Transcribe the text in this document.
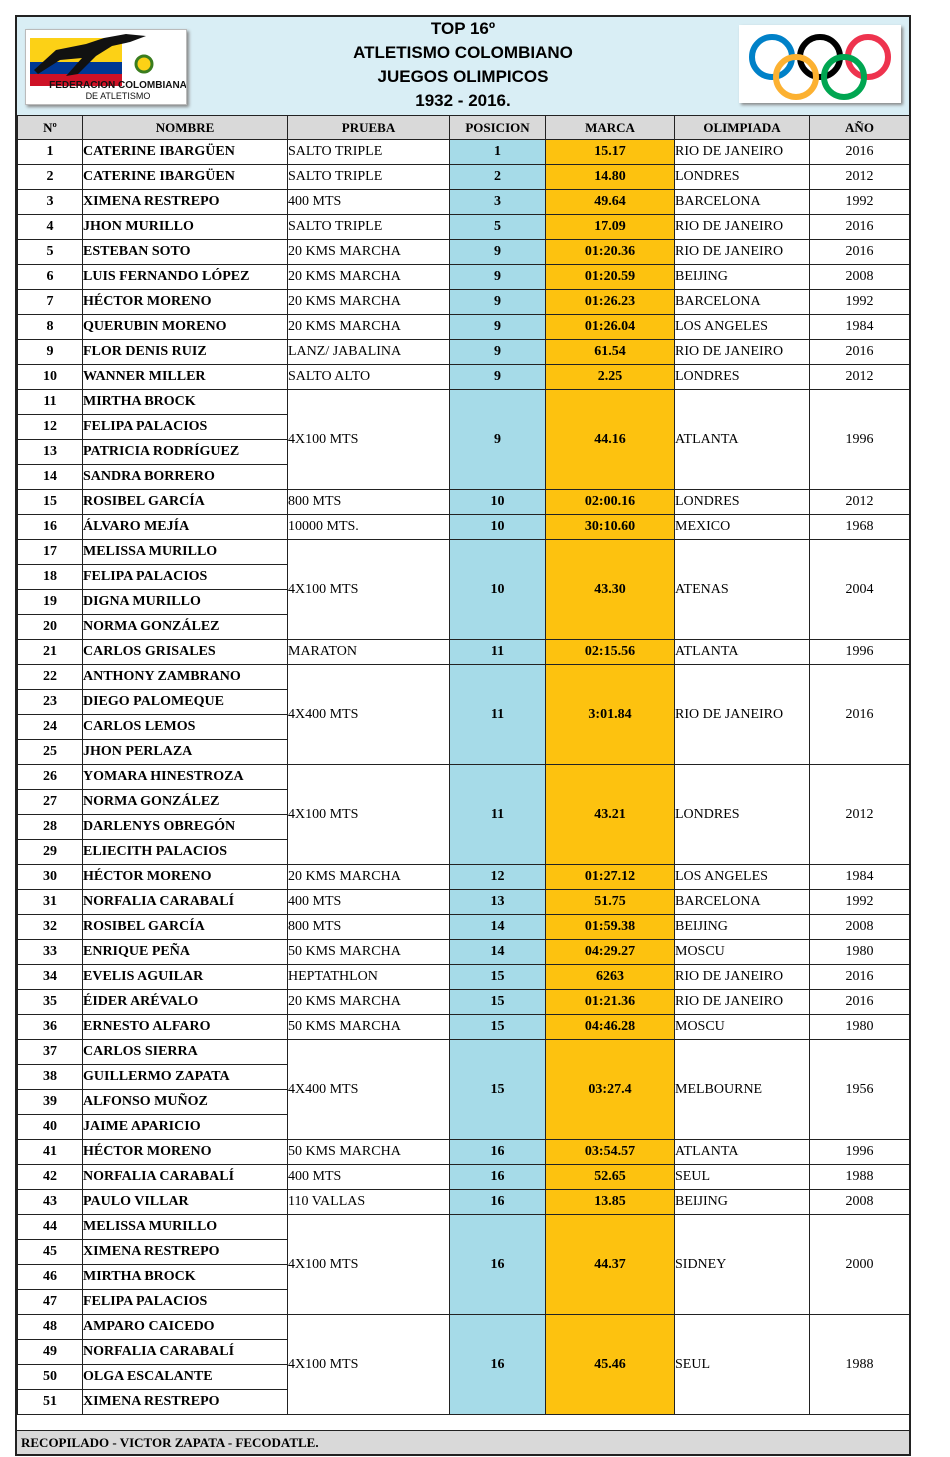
FEDERACION COLOMBIANA
DE ATLETISMO
TOP 16º
ATLETISMO COLOMBIANO
JUEGOS OLIMPICOS
1932 - 2016.
Nº	NOMBRE	PRUEBA	POSICION	MARCA	OLIMPIADA	AÑO
1	CATERINE IBARGÜEN	SALTO TRIPLE	1	15.17	RIO DE JANEIRO	2016
2	CATERINE IBARGÜEN	SALTO TRIPLE	2	14.80	LONDRES	2012
3	XIMENA RESTREPO	400 MTS	3	49.64	BARCELONA	1992
4	JHON MURILLO	SALTO TRIPLE	5	17.09	RIO DE JANEIRO	2016
5	ESTEBAN SOTO	20 KMS MARCHA	9	01:20.36	RIO DE JANEIRO	2016
6	LUIS FERNANDO LÓPEZ	20 KMS MARCHA	9	01:20.59	BEIJING	2008
7	HÉCTOR MORENO	20 KMS MARCHA	9	01:26.23	BARCELONA	1992
8	QUERUBIN MORENO	20 KMS MARCHA	9	01:26.04	LOS ANGELES	1984
9	FLOR DENIS RUIZ	LANZ/ JABALINA	9	61.54	RIO DE JANEIRO	2016
10	WANNER MILLER	SALTO ALTO	9	2.25	LONDRES	2012
11	MIRTHA BROCK	4X100 MTS	9	44.16	ATLANTA	1996
12	FELIPA PALACIOS					
13	PATRICIA RODRÍGUEZ					
14	SANDRA BORRERO					
15	ROSIBEL GARCÍA	800 MTS	10	02:00.16	LONDRES	2012
16	ÁLVARO MEJÍA	10000 MTS.	10	30:10.60	MEXICO	1968
17	MELISSA MURILLO	4X100 MTS	10	43.30	ATENAS	2004
18	FELIPA PALACIOS					
19	DIGNA MURILLO					
20	NORMA GONZÁLEZ					
21	CARLOS GRISALES	MARATON	11	02:15.56	ATLANTA	1996
22	ANTHONY ZAMBRANO	4X400 MTS	11	3:01.84	RIO DE JANEIRO	2016
23	DIEGO PALOMEQUE					
24	CARLOS LEMOS					
25	JHON PERLAZA					
26	YOMARA HINESTROZA	4X100 MTS	11	43.21	LONDRES	2012
27	NORMA GONZÁLEZ					
28	DARLENYS OBREGÓN					
29	ELIECITH PALACIOS					
30	HÉCTOR MORENO	20 KMS MARCHA	12	01:27.12	LOS ANGELES	1984
31	NORFALIA CARABALÍ	400 MTS	13	51.75	BARCELONA	1992
32	ROSIBEL GARCÍA	800 MTS	14	01:59.38	BEIJING	2008
33	ENRIQUE PEÑA	50 KMS MARCHA	14	04:29.27	MOSCU	1980
34	EVELIS AGUILAR	HEPTATHLON	15	6263	RIO DE JANEIRO	2016
35	ÉIDER ARÉVALO	20 KMS MARCHA	15	01:21.36	RIO DE JANEIRO	2016
36	ERNESTO ALFARO	50 KMS MARCHA	15	04:46.28	MOSCU	1980
37	CARLOS SIERRA	4X400 MTS	15	03:27.4	MELBOURNE	1956
38	GUILLERMO ZAPATA					
39	ALFONSO MUÑOZ					
40	JAIME APARICIO					
41	HÉCTOR MORENO	50 KMS MARCHA	16	03:54.57	ATLANTA	1996
42	NORFALIA CARABALÍ	400 MTS	16	52.65	SEUL	1988
43	PAULO VILLAR	110 VALLAS	16	13.85	BEIJING	2008
44	MELISSA MURILLO	4X100 MTS	16	44.37	SIDNEY	2000
45	XIMENA RESTREPO					
46	MIRTHA BROCK					
47	FELIPA PALACIOS					
48	AMPARO CAICEDO	4X100 MTS	16	45.46	SEUL	1988
49	NORFALIA CARABALÍ					
50	OLGA ESCALANTE					
51	XIMENA RESTREPO					
RECOPILADO - VICTOR ZAPATA - FECODATLE.
